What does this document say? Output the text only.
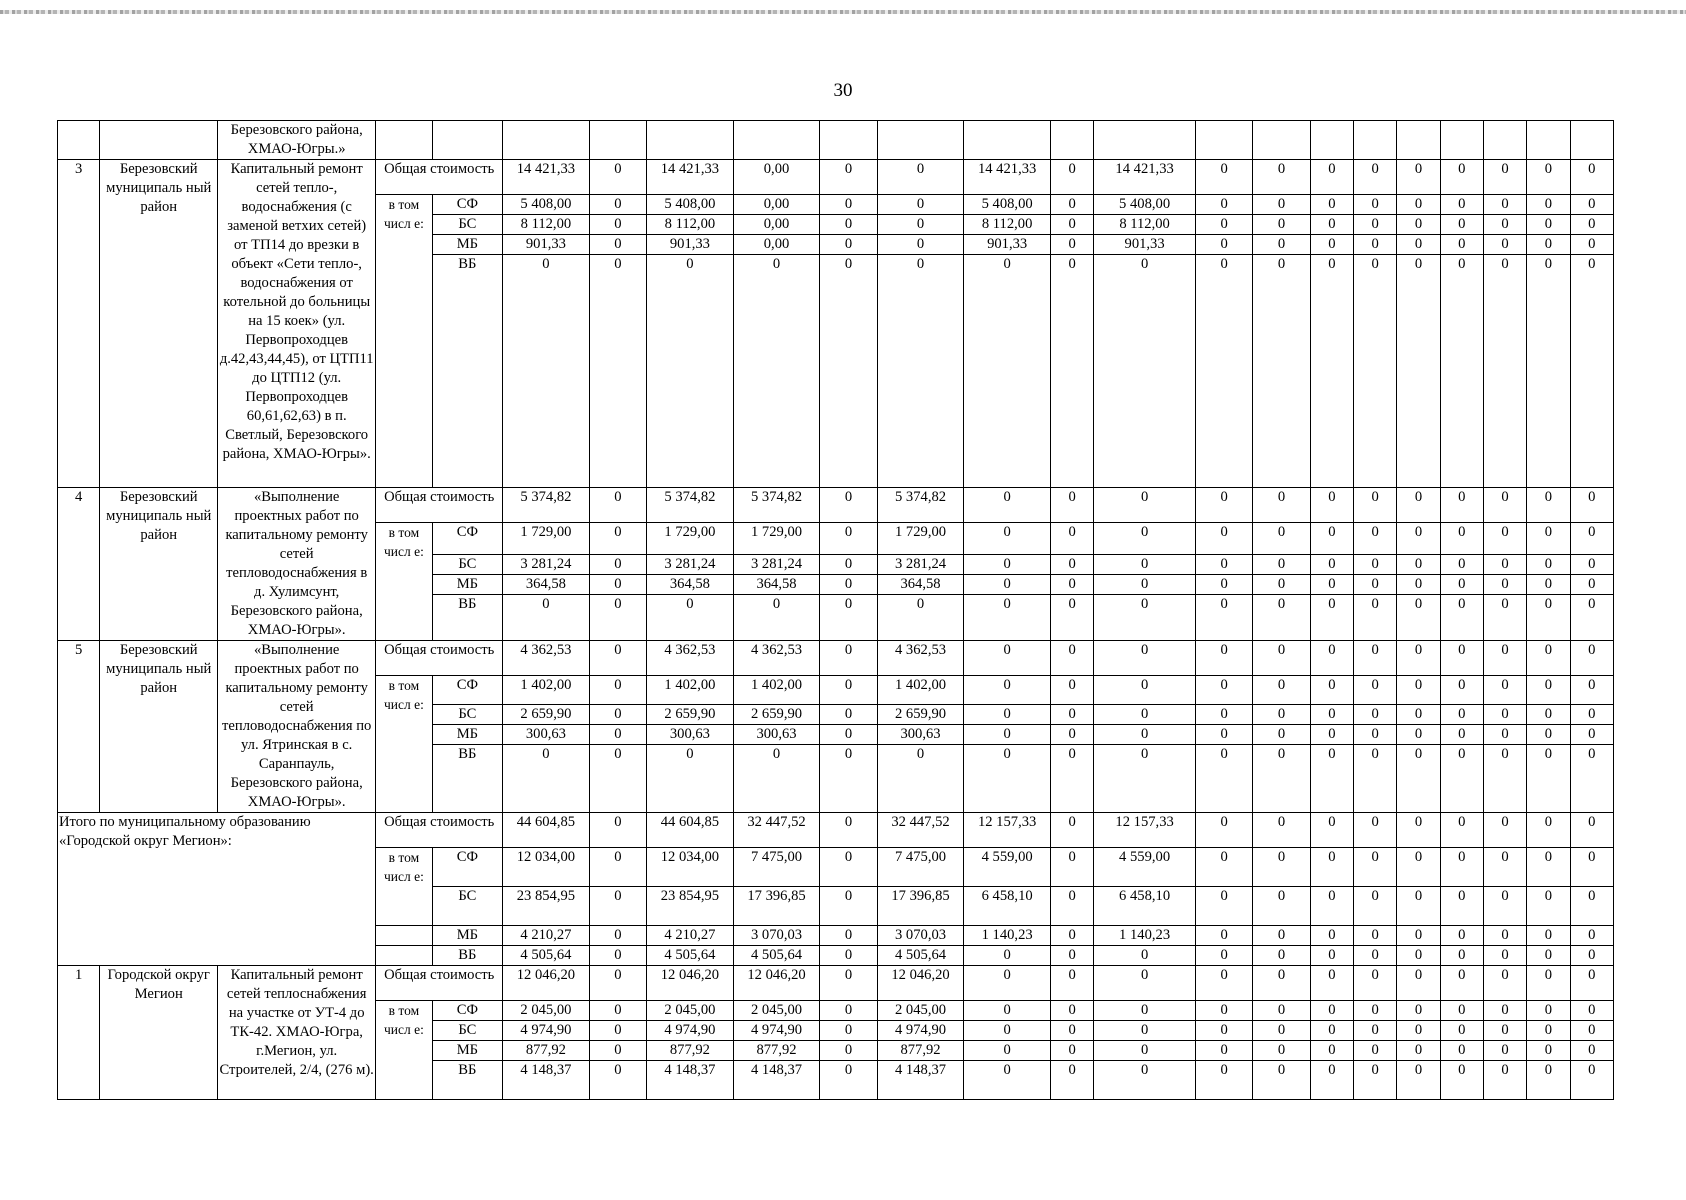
30
		Березовского района, ХМАО-Югры.»																				
3	Березовский муниципаль ный район	Капитальный ремонт сетей тепло-, водоснабжения (с заменой ветхих сетей) от ТП14 до врезки в объект «Сети тепло-, водоснабжения от котельной до больницы на 15 коек» (ул. Первопроходцев д.42,43,44,45), от ЦТП11 до ЦТП12 (ул. Первопроходцев 60,61,62,63) в п. Светлый, Березовского района, ХМАО-Югры».	Общая стоимость		14 421,33	0	14 421,33	0,00	0	0	14 421,33	0	14 421,33	0	0	0	0	0	0	0	0	0
			в том числ е:	СФ	5 408,00	0	5 408,00	0,00	0	0	5 408,00	0	5 408,00	0	0	0	0	0	0	0	0	0
				БС	8 112,00	0	8 112,00	0,00	0	0	8 112,00	0	8 112,00	0	0	0	0	0	0	0	0	0
				МБ	901,33	0	901,33	0,00	0	0	901,33	0	901,33	0	0	0	0	0	0	0	0	0
				ВБ	0	0	0	0	0	0	0	0	0	0	0	0	0	0	0	0	0	0
4	Березовский муниципаль ный район	«Выполнение проектных работ по капитальному ремонту сетей тепловодоснабжения в д. Хулимсунт, Березовского района, ХМАО-Югры».	Общая стоимость		5 374,82	0	5 374,82	5 374,82	0	5 374,82	0	0	0	0	0	0	0	0	0	0	0	0
			в том числ е:	СФ	1 729,00	0	1 729,00	1 729,00	0	1 729,00	0	0	0	0	0	0	0	0	0	0	0	0
				БС	3 281,24	0	3 281,24	3 281,24	0	3 281,24	0	0	0	0	0	0	0	0	0	0	0	0
				МБ	364,58	0	364,58	364,58	0	364,58	0	0	0	0	0	0	0	0	0	0	0	0
				ВБ	0	0	0	0	0	0	0	0	0	0	0	0	0	0	0	0	0	0
5	Березовский муниципаль ный район	«Выполнение проектных работ по капитальному ремонту сетей тепловодоснабжения по ул. Ятринская в с. Саранпауль, Березовского района, ХМАО-Югры».	Общая стоимость		4 362,53	0	4 362,53	4 362,53	0	4 362,53	0	0	0	0	0	0	0	0	0	0	0	0
			в том числ е:	СФ	1 402,00	0	1 402,00	1 402,00	0	1 402,00	0	0	0	0	0	0	0	0	0	0	0	0
				БС	2 659,90	0	2 659,90	2 659,90	0	2 659,90	0	0	0	0	0	0	0	0	0	0	0	0
				МБ	300,63	0	300,63	300,63	0	300,63	0	0	0	0	0	0	0	0	0	0	0	0
				ВБ	0	0	0	0	0	0	0	0	0	0	0	0	0	0	0	0	0	0
Итого по муниципальному образованию «Городской округ Мегион»:			Общая стоимость		44 604,85	0	44 604,85	32 447,52	0	32 447,52	12 157,33	0	12 157,33	0	0	0	0	0	0	0	0	0
			в том числ е:	СФ	12 034,00	0	12 034,00	7 475,00	0	7 475,00	4 559,00	0	4 559,00	0	0	0	0	0	0	0	0	0
				БС	23 854,95	0	23 854,95	17 396,85	0	17 396,85	6 458,10	0	6 458,10	0	0	0	0	0	0	0	0	0
				МБ	4 210,27	0	4 210,27	3 070,03	0	3 070,03	1 140,23	0	1 140,23	0	0	0	0	0	0	0	0	0
				ВБ	4 505,64	0	4 505,64	4 505,64	0	4 505,64	0	0	0	0	0	0	0	0	0	0	0	0
1	Городской округ Мегион	Капитальный ремонт сетей теплоснабжения на участке от УТ-4 до ТК-42. ХМАО-Югра, г.Мегион, ул. Строителей, 2/4, (276 м).	Общая стоимость		12 046,20	0	12 046,20	12 046,20	0	12 046,20	0	0	0	0	0	0	0	0	0	0	0	0
			в том числ е:	СФ	2 045,00	0	2 045,00	2 045,00	0	2 045,00	0	0	0	0	0	0	0	0	0	0	0	0
				БС	4 974,90	0	4 974,90	4 974,90	0	4 974,90	0	0	0	0	0	0	0	0	0	0	0	0
				МБ	877,92	0	877,92	877,92	0	877,92	0	0	0	0	0	0	0	0	0	0	0	0
				ВБ	4 148,37	0	4 148,37	4 148,37	0	4 148,37	0	0	0	0	0	0	0	0	0	0	0	0
